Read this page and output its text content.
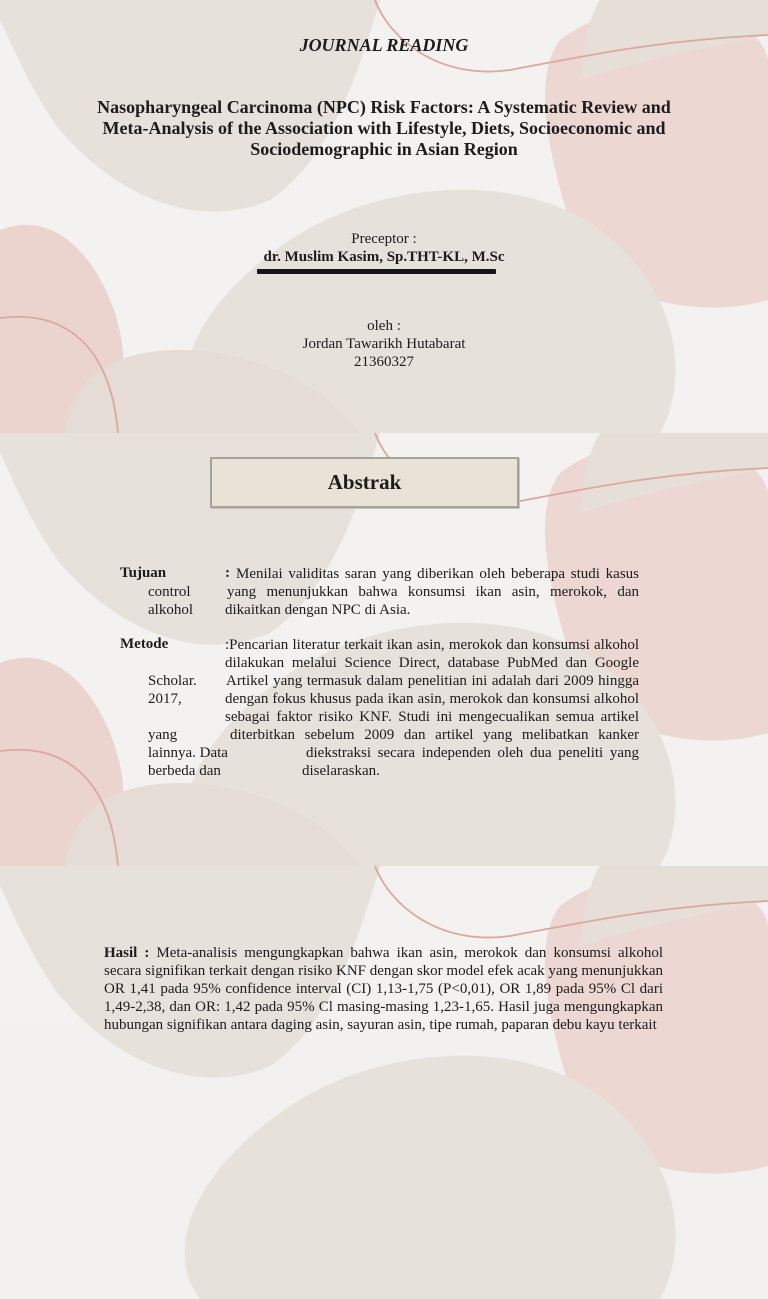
JOURNAL READING
Nasopharyngeal Carcinoma (NPC) Risk Factors: A Systematic Review and
Meta-Analysis of the Association with Lifestyle, Diets, Socioeconomic and
Sociodemographic in Asian Region
Preceptor :
dr. Muslim Kasim, Sp.THT-KL, M.Sc
oleh :
Jordan Tawarikh Hutabarat
21360327
Abstrak
Tujuan	: Menilai validitas saran yang diberikan oleh beberapa studi kasus
control yang menunjukkan bahwa konsumsi ikan asin, merokok, dan
alkohol dikaitkan dengan NPC di Asia.
Metode	:Pencarian literatur terkait ikan asin, merokok dan konsumsi alkohol
dilakukan melalui Science Direct, database PubMed dan Google
Scholar. Artikel yang termasuk dalam penelitian ini adalah dari 2009 hingga
2017,	dengan fokus khusus pada ikan asin, merokok dan konsumsi alkohol
sebagai faktor risiko KNF. Studi ini mengecualikan semua artikel
yang	diterbitkan sebelum 2009 dan artikel yang melibatkan kanker
lainnya. Data	diekstraksi secara independen oleh dua peneliti yang
berbeda dan	diselaraskan.
Hasil : Meta-analisis mengungkapkan bahwa ikan asin, merokok dan konsumsi alkohol secara signifikan terkait dengan risiko KNF dengan skor model efek acak yang menunjukkan OR 1,41 pada 95% confidence interval (CI) 1,13-1,75 (P<0,01), OR 1,89 pada 95% Cl dari 1,49-2,38, dan OR: 1,42 pada 95% Cl masing-masing 1,23-1,65. Hasil juga mengungkapkan hubungan signifikan antara daging asin, sayuran asin, tipe rumah, paparan debu kayu terkait
